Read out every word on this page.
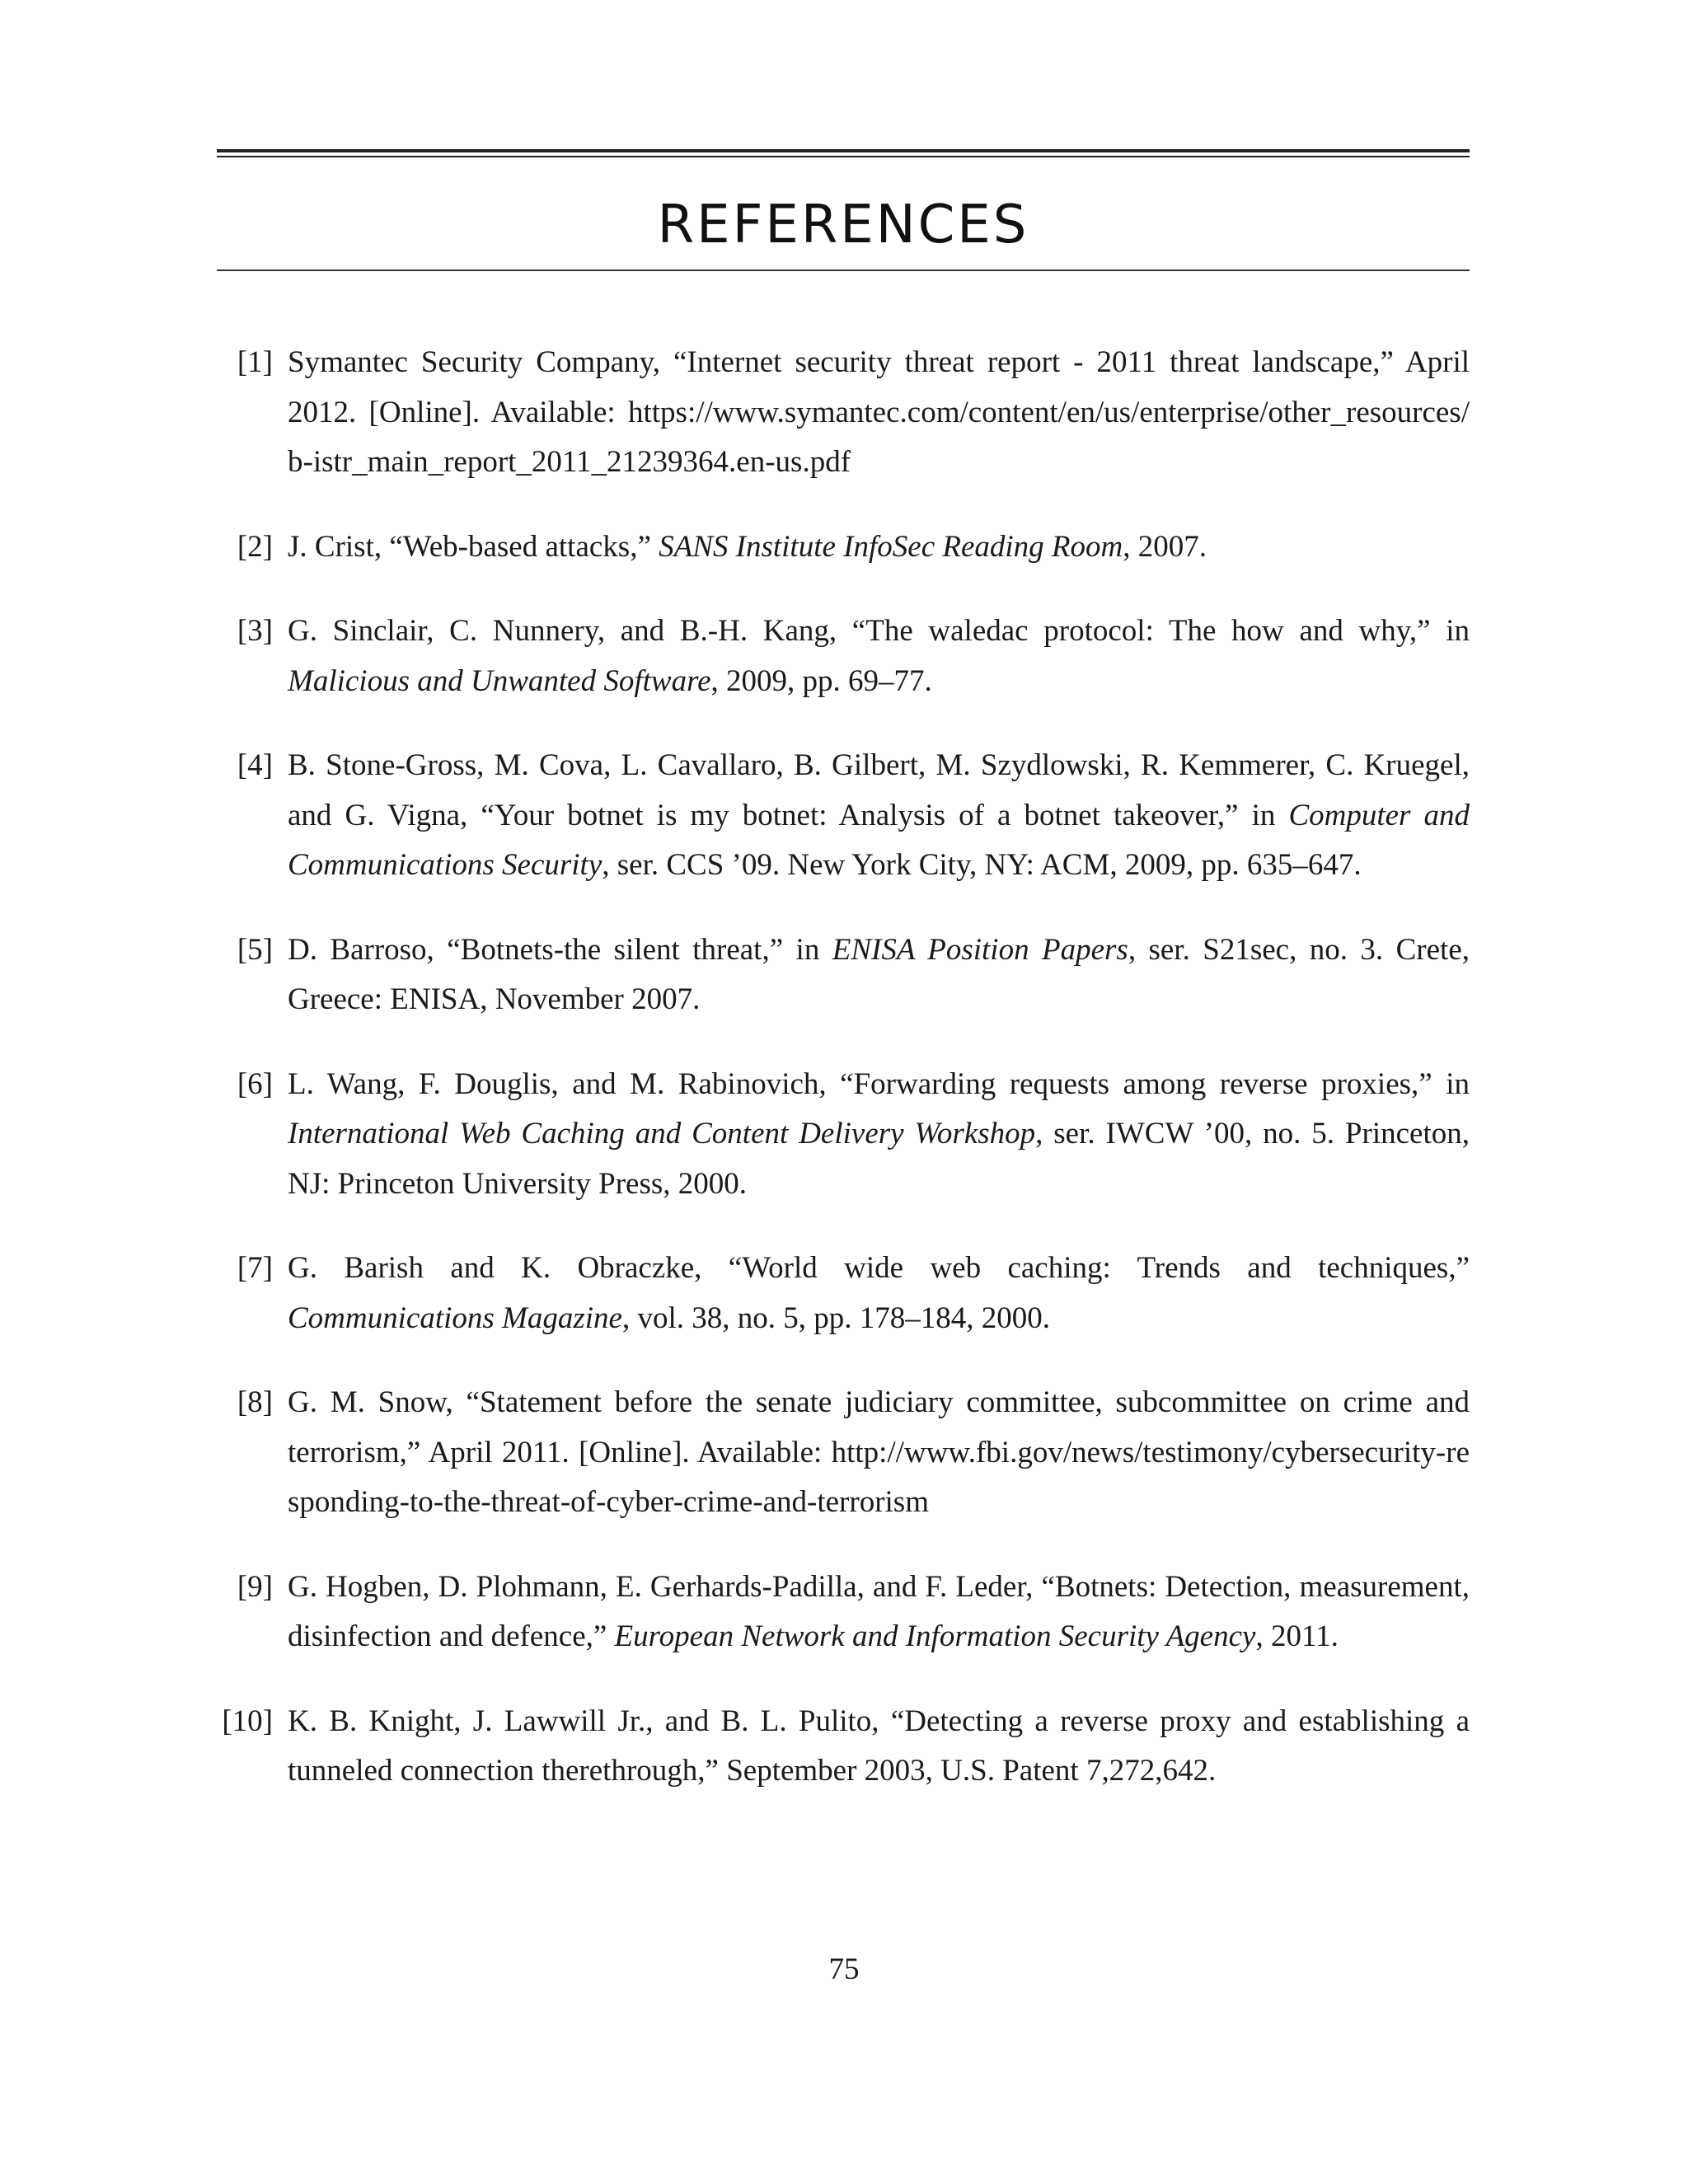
REFERENCES
[1] Symantec Security Company, “Internet security threat report - 2011 threat landscape,” April 2012. [Online]. Available: https://www.symantec.com/content/en/us/enterprise/other_resources/b-istr_main_report_2011_21239364.en-us.pdf
[2] J. Crist, “Web-based attacks,” SANS Institute InfoSec Reading Room, 2007.
[3] G. Sinclair, C. Nunnery, and B.-H. Kang, “The waledac protocol: The how and why,” in Malicious and Unwanted Software, 2009, pp. 69–77.
[4] B. Stone-Gross, M. Cova, L. Cavallaro, B. Gilbert, M. Szydlowski, R. Kemmerer, C. Kruegel, and G. Vigna, “Your botnet is my botnet: Analysis of a botnet takeover,” in Computer and Communications Security, ser. CCS ’09. New York City, NY: ACM, 2009, pp. 635–647.
[5] D. Barroso, “Botnets-the silent threat,” in ENISA Position Papers, ser. S21sec, no. 3. Crete, Greece: ENISA, November 2007.
[6] L. Wang, F. Douglis, and M. Rabinovich, “Forwarding requests among reverse proxies,” in International Web Caching and Content Delivery Workshop, ser. IWCW ’00, no. 5. Princeton, NJ: Princeton University Press, 2000.
[7] G. Barish and K. Obraczke, “World wide web caching: Trends and techniques,” Communications Magazine, vol. 38, no. 5, pp. 178–184, 2000.
[8] G. M. Snow, “Statement before the senate judiciary committee, subcommittee on crime and terrorism,” April 2011. [Online]. Available: http://www.fbi.gov/news/testimony/cybersecurity-responding-to-the-threat-of-cyber-crime-and-terrorism
[9] G. Hogben, D. Plohmann, E. Gerhards-Padilla, and F. Leder, “Botnets: Detection, measurement, disinfection and defence,” European Network and Information Security Agency, 2011.
[10] K. B. Knight, J. Lawwill Jr., and B. L. Pulito, “Detecting a reverse proxy and establishing a tunneled connection therethrough,” September 2003, U.S. Patent 7,272,642.
75
